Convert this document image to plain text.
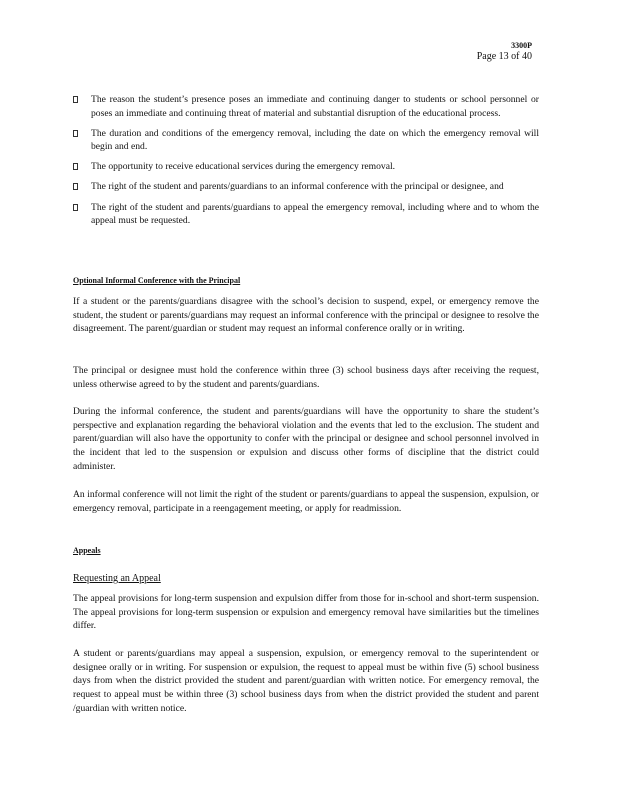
3300P
Page 13 of 40
The reason the student’s presence poses an immediate and continuing danger to students or school personnel or poses an immediate and continuing threat of material and substantial disruption of the educational process.
The duration and conditions of the emergency removal, including the date on which the emergency removal will begin and end.
The opportunity to receive educational services during the emergency removal.
The right of the student and parents/guardians to an informal conference with the principal or designee, and
The right of the student and parents/guardians to appeal the emergency removal, including where and to whom the appeal must be requested.
Optional Informal Conference with the Principal

If a student or the parents/guardians disagree with the school’s decision to suspend, expel, or emergency remove the student, the student or parents/guardians may request an informal conference with the principal or designee to resolve the disagreement. The parent/guardian or student may request an informal conference orally or in writing.

The principal or designee must hold the conference within three (3) school business days after receiving the request, unless otherwise agreed to by the student and parents/guardians.

During the informal conference, the student and parents/guardians will have the opportunity to share the student’s perspective and explanation regarding the behavioral violation and the events that led to the exclusion. The student and parent/guardian will also have the opportunity to confer with the principal or designee and school personnel involved in the incident that led to the suspension or expulsion and discuss other forms of discipline that the district could administer.

An informal conference will not limit the right of the student or parents/guardians to appeal the suspension, expulsion, or emergency removal, participate in a reengagement meeting, or apply for readmission.

Appeals
Requesting an Appeal

The appeal provisions for long-term suspension and expulsion differ from those for in-school and short-term suspension. The appeal provisions for long-term suspension or expulsion and emergency removal have similarities but the timelines differ.

A student or parents/guardians may appeal a suspension, expulsion, or emergency removal to the superintendent or designee orally or in writing. For suspension or expulsion, the request to appeal must be within five (5) school business days from when the district provided the student and parent/guardian with written notice. For emergency removal, the request to appeal must be within three (3) school business days from when the district provided the student and parent /guardian with written notice.
